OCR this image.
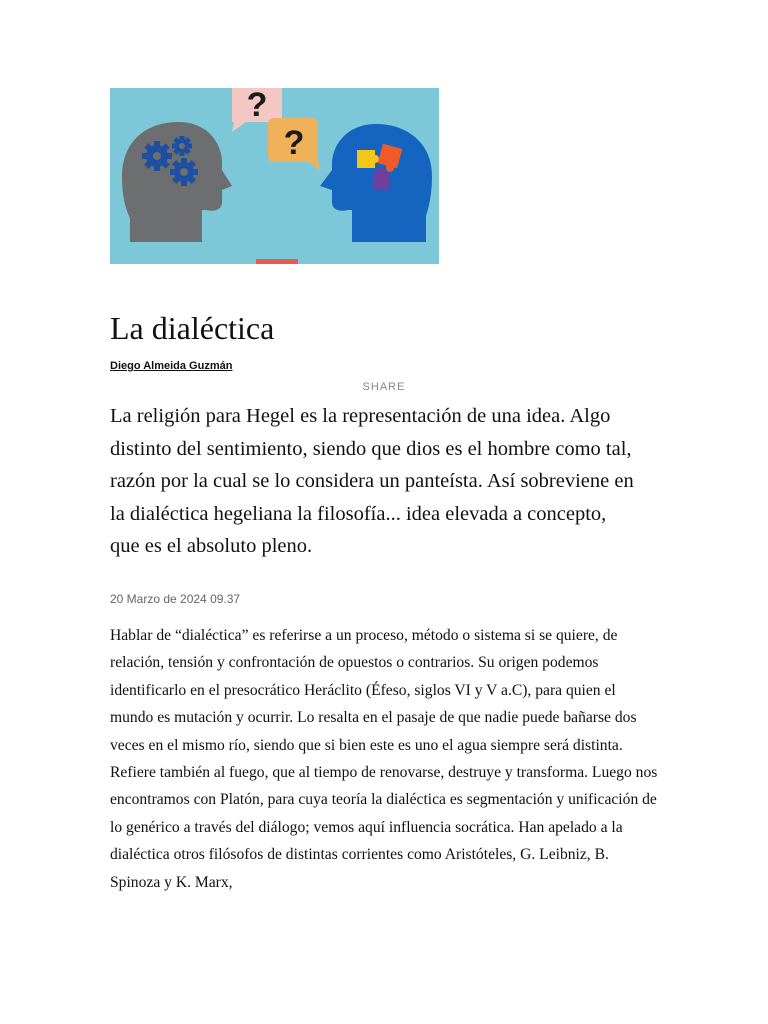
?
?
La dialéctica
Diego Almeida Guzmán
SHARE

La religión para Hegel es la representación de una idea. Algo distinto del sentimiento, siendo que dios es el hombre como tal, razón por la cual se lo considera un panteísta. Así sobreviene en la dialéctica hegeliana la filosofía... idea elevada a concepto, que es el absoluto pleno.

20 Marzo de 2024 09.37

Hablar de “dialéctica” es referirse a un proceso, método o sistema si se quiere, de relación, tensión y confrontación de opuestos o contrarios. Su origen podemos identificarlo en el presocrático Heráclito (Éfeso, siglos VI y V a.C), para quien el mundo es mutación y ocurrir. Lo resalta en el pasaje de que nadie puede bañarse dos veces en el mismo río, siendo que si bien este es uno el agua siempre será distinta. Refiere también al fuego, que al tiempo de renovarse, destruye y transforma. Luego nos encontramos con Platón, para cuya teoría la dialéctica es segmentación y unificación de lo genérico a través del diálogo; vemos aquí influencia socrática. Han apelado a la dialéctica otros filósofos de distintas corrientes como Aristóteles, G. Leibniz, B. Spinoza y K. Marx,
